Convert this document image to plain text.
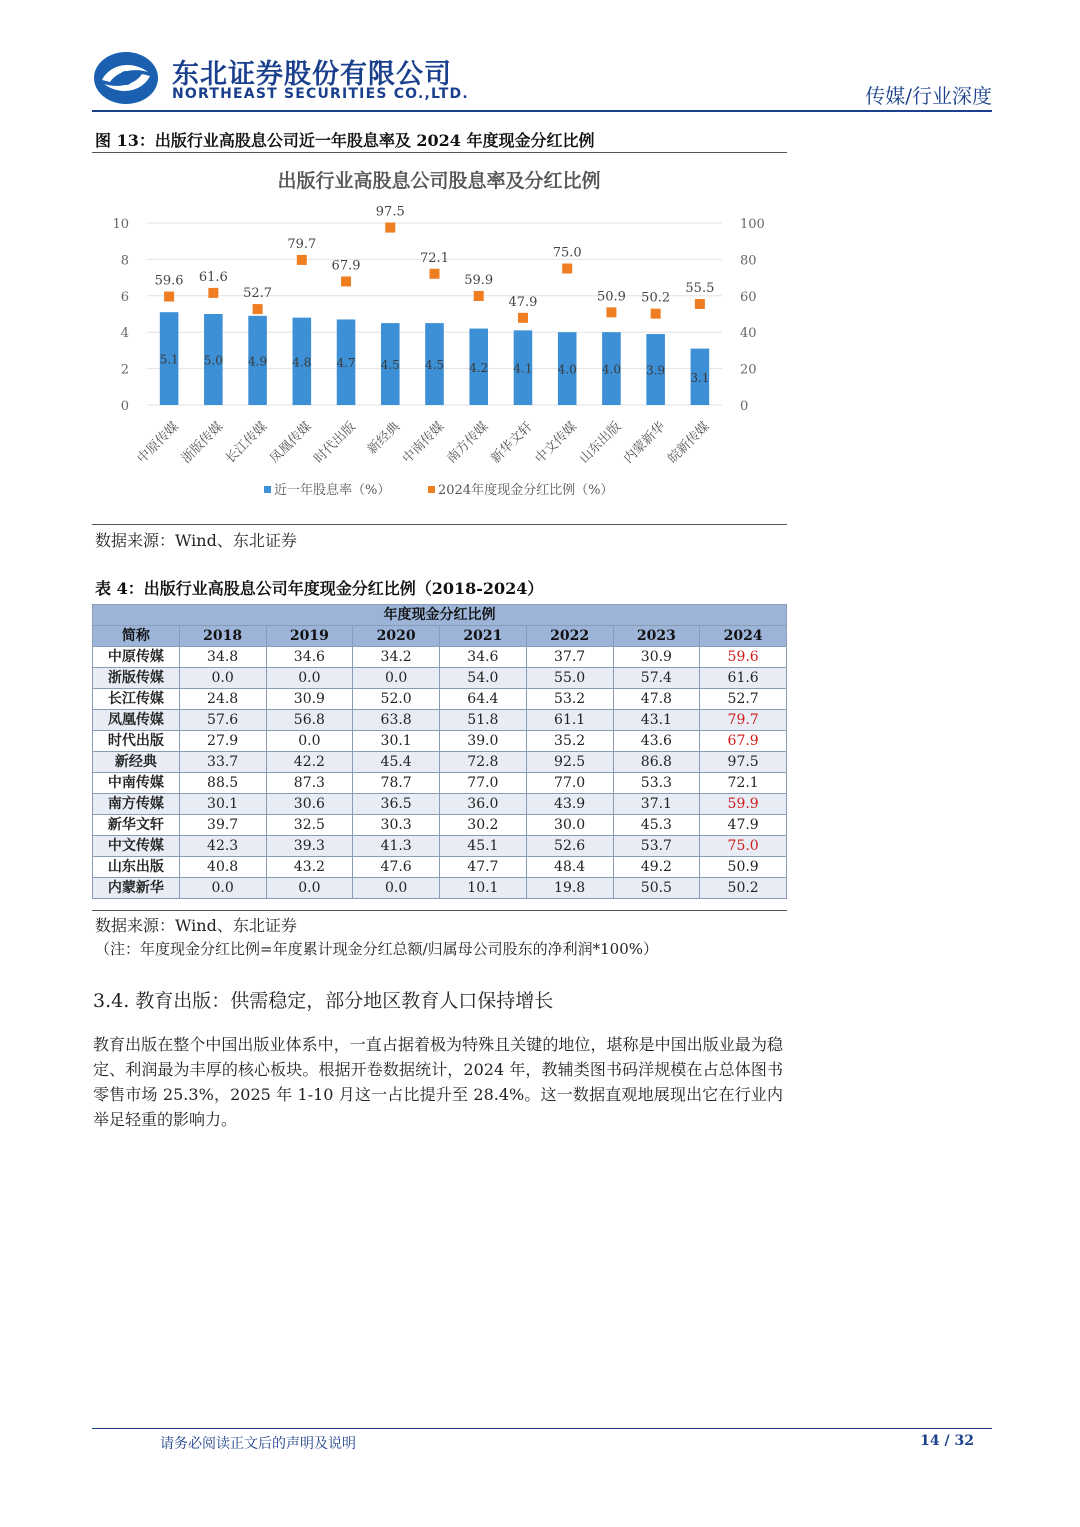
东北证券股份有限公司
NORTHEAST SECURITIES CO.,LTD.	传媒/行业深度
图 13：出版行业高股息公司近一年股息率及 2024 年度现金分红比例
出版行业高股息公司股息率及分红比例
0
2
4
6
8
10
0
20
40
60
80
100
5.1
59.6
中原传媒
5.0
61.6
浙版传媒
4.9
52.7
长江传媒
4.8
79.7
凤凰传媒
4.7
67.9
时代出版
4.5
97.5
新经典
4.5
72.1
中南传媒
4.2
59.9
南方传媒
4.1
47.9
新华文轩
4.0
75.0
中文传媒
4.0
50.9
山东出版
3.9
50.2
内蒙新华
3.1
55.5
皖新传媒
近一年股息率（%）	2024年度现金分红比例（%）
数据来源：Wind、东北证券
表 4：出版行业高股息公司年度现金分红比例（2018-2024）
年度现金分红比例							
简称	2018	2019	2020	2021	2022	2023	2024
中原传媒	34.8	34.6	34.2	34.6	37.7	30.9	59.6
浙版传媒	0.0	0.0	0.0	54.0	55.0	57.4	61.6
长江传媒	24.8	30.9	52.0	64.4	53.2	47.8	52.7
凤凰传媒	57.6	56.8	63.8	51.8	61.1	43.1	79.7
时代出版	27.9	0.0	30.1	39.0	35.2	43.6	67.9
新经典	33.7	42.2	45.4	72.8	92.5	86.8	97.5
中南传媒	88.5	87.3	78.7	77.0	77.0	53.3	72.1
南方传媒	30.1	30.6	36.5	36.0	43.9	37.1	59.9
新华文轩	39.7	32.5	30.3	30.2	30.0	45.3	47.9
中文传媒	42.3	39.3	41.3	45.1	52.6	53.7	75.0
山东出版	40.8	43.2	47.6	47.7	48.4	49.2	50.9
内蒙新华	0.0	0.0	0.0	10.1	19.8	50.5	50.2
数据来源：Wind、东北证券
（注：年度现金分红比例=年度累计现金分红总额/归属母公司股东的净利润*100%）
3.4. 教育出版：供需稳定，部分地区教育人口保持增长
教育出版在整个中国出版业体系中，一直占据着极为特殊且关键的地位，堪称是中国出版业最为稳定、利润最为丰厚的核心板块。根据开卷数据统计，2024 年，教辅类图书码洋规模在占总体图书零售市场 25.3%，2025 年 1-10 月这一占比提升至 28.4%。这一数据直观地展现出它在行业内举足轻重的影响力。
请务必阅读正文后的声明及说明	14 / 32
